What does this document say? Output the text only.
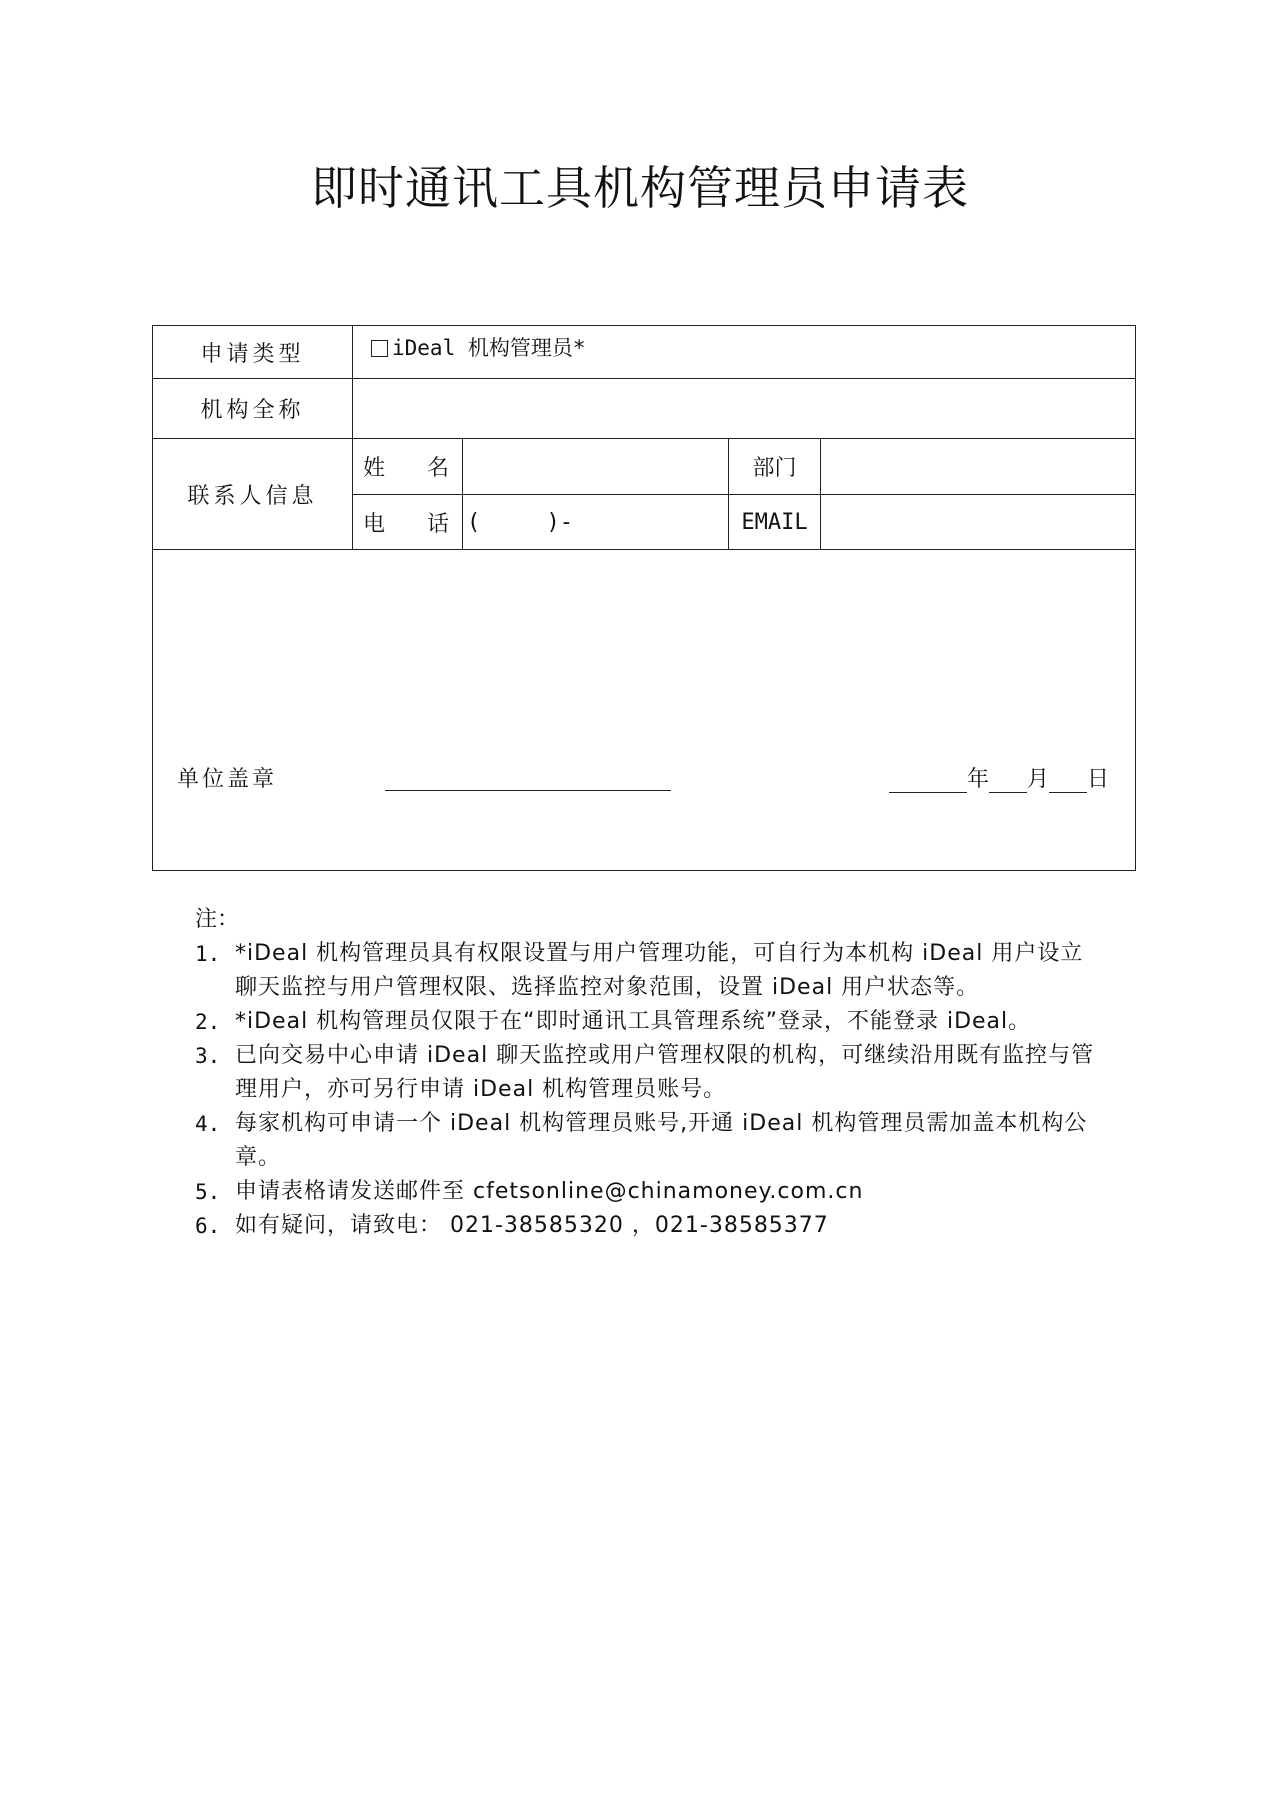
即时通讯工具机构管理员申请表
申请类型	iDeal 机构管理员*			
机构全称				
联系人信息	姓 名		部门	

	电 话	(     )-	EMAIL	

单位盖章 年 月 日				
注：
1. *iDeal 机构管理员具有权限设置与用户管理功能，可自行为本机构 iDeal 用户设立聊天监控与用户管理权限、选择监控对象范围，设置 iDeal 用户状态等。
2. *iDeal 机构管理员仅限于在“即时通讯工具管理系统”登录，不能登录 iDeal。
3. 已向交易中心申请 iDeal 聊天监控或用户管理权限的机构，可继续沿用既有监控与管理用户，亦可另行申请 iDeal 机构管理员账号。
4. 每家机构可申请一个 iDeal 机构管理员账号,开通 iDeal 机构管理员需加盖本机构公章。
5. 申请表格请发送邮件至 cfetsonline@chinamoney.com.cn
6. 如有疑问，请致电： 021-38585320 ，021-38585377
